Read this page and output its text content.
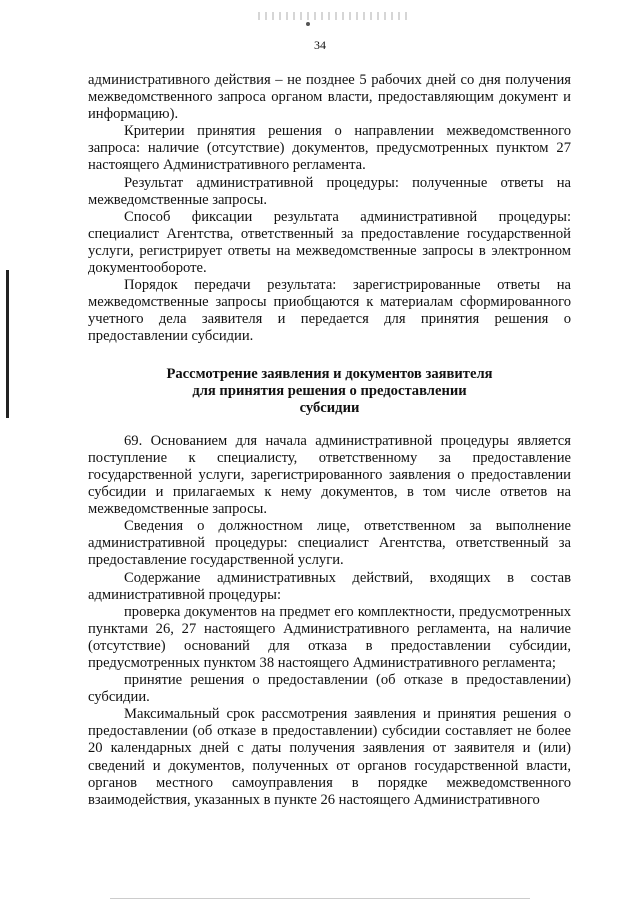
34

административного действия – не позднее 5 рабочих дней со дня получения межведомственного запроса органом власти, предоставляющим документ и информацию).

Критерии принятия решения о направлении межведомственного запроса: наличие (отсутствие) документов, предусмотренных пунктом 27 настоящего Административного регламента.

Результат административной процедуры: полученные ответы на межведомственные запросы.

Способ фиксации результата административной процедуры: специалист Агентства, ответственный за предоставление государственной услуги, регистрирует ответы на межведомственные запросы в электронном документообороте.

Порядок передачи результата: зарегистрированные ответы на межведомственные запросы приобщаются к материалам сформированного учетного дела заявителя и передается для принятия решения о предоставлении субсидии.

Рассмотрение заявления и документов заявителя
для принятия решения о предоставлении
субсидии

69. Основанием для начала административной процедуры является поступление к специалисту, ответственному за предоставление государственной услуги, зарегистрированного заявления о предоставлении субсидии и прилагаемых к нему документов, в том числе ответов на межведомственные запросы.

Сведения о должностном лице, ответственном за выполнение административной процедуры: специалист Агентства, ответственный за предоставление государственной услуги.

Содержание административных действий, входящих в состав административной процедуры:

проверка документов на предмет его комплектности, предусмотренных пунктами 26, 27 настоящего Административного регламента, на наличие (отсутствие) оснований для отказа в предоставлении субсидии, предусмотренных пунктом 38 настоящего Административного регламента;

принятие решения о предоставлении (об отказе в предоставлении) субсидии.

Максимальный срок рассмотрения заявления и принятия решения о предоставлении (об отказе в предоставлении) субсидии составляет не более 20 календарных дней с даты получения заявления от заявителя и (или) сведений и документов, полученных от органов государственной власти, органов местного самоуправления в порядке межведомственного взаимодействия, указанных в пункте 26 настоящего Административного
